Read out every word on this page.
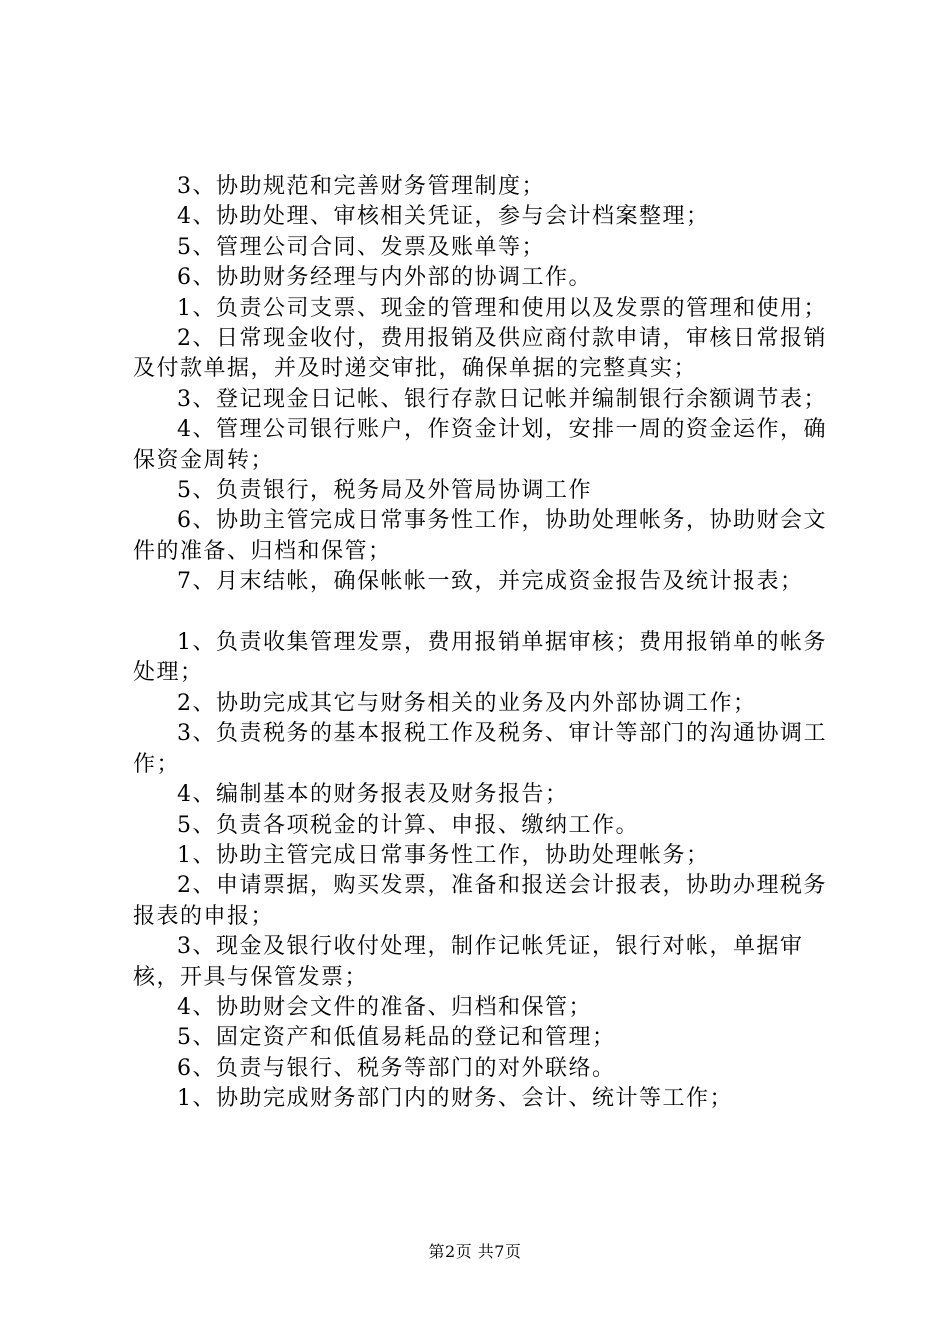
3、协助规范和完善财务管理制度；

4、协助处理、审核相关凭证，参与会计档案整理；

5、管理公司合同、发票及账单等；

6、协助财务经理与内外部的协调工作。

1、负责公司支票、现金的管理和使用以及发票的管理和使用；

2、日常现金收付，费用报销及供应商付款申请，审核日常报销及付款单据，并及时递交审批，确保单据的完整真实；

3、登记现金日记帐、银行存款日记帐并编制银行余额调节表；

4、管理公司银行账户，作资金计划，安排一周的资金运作，确保资金周转；

5、负责银行，税务局及外管局协调工作

6、协助主管完成日常事务性工作，协助处理帐务，协助财会文件的准备、归档和保管；

7、月末结帐，确保帐帐一致，并完成资金报告及统计报表；

1、负责收集管理发票，费用报销单据审核；费用报销单的帐务处理；

2、协助完成其它与财务相关的业务及内外部协调工作；

3、负责税务的基本报税工作及税务、审计等部门的沟通协调工作；

4、编制基本的财务报表及财务报告；

5、负责各项税金的计算、申报、缴纳工作。

1、协助主管完成日常事务性工作，协助处理帐务；

2、申请票据，购买发票，准备和报送会计报表，协助办理税务报表的申报；

3、现金及银行收付处理，制作记帐凭证，银行对帐，单据审核，开具与保管发票；

4、协助财会文件的准备、归档和保管；

5、固定资产和低值易耗品的登记和管理；

6、负责与银行、税务等部门的对外联络。

1、协助完成财务部门内的财务、会计、统计等工作；

第2页 共7页
